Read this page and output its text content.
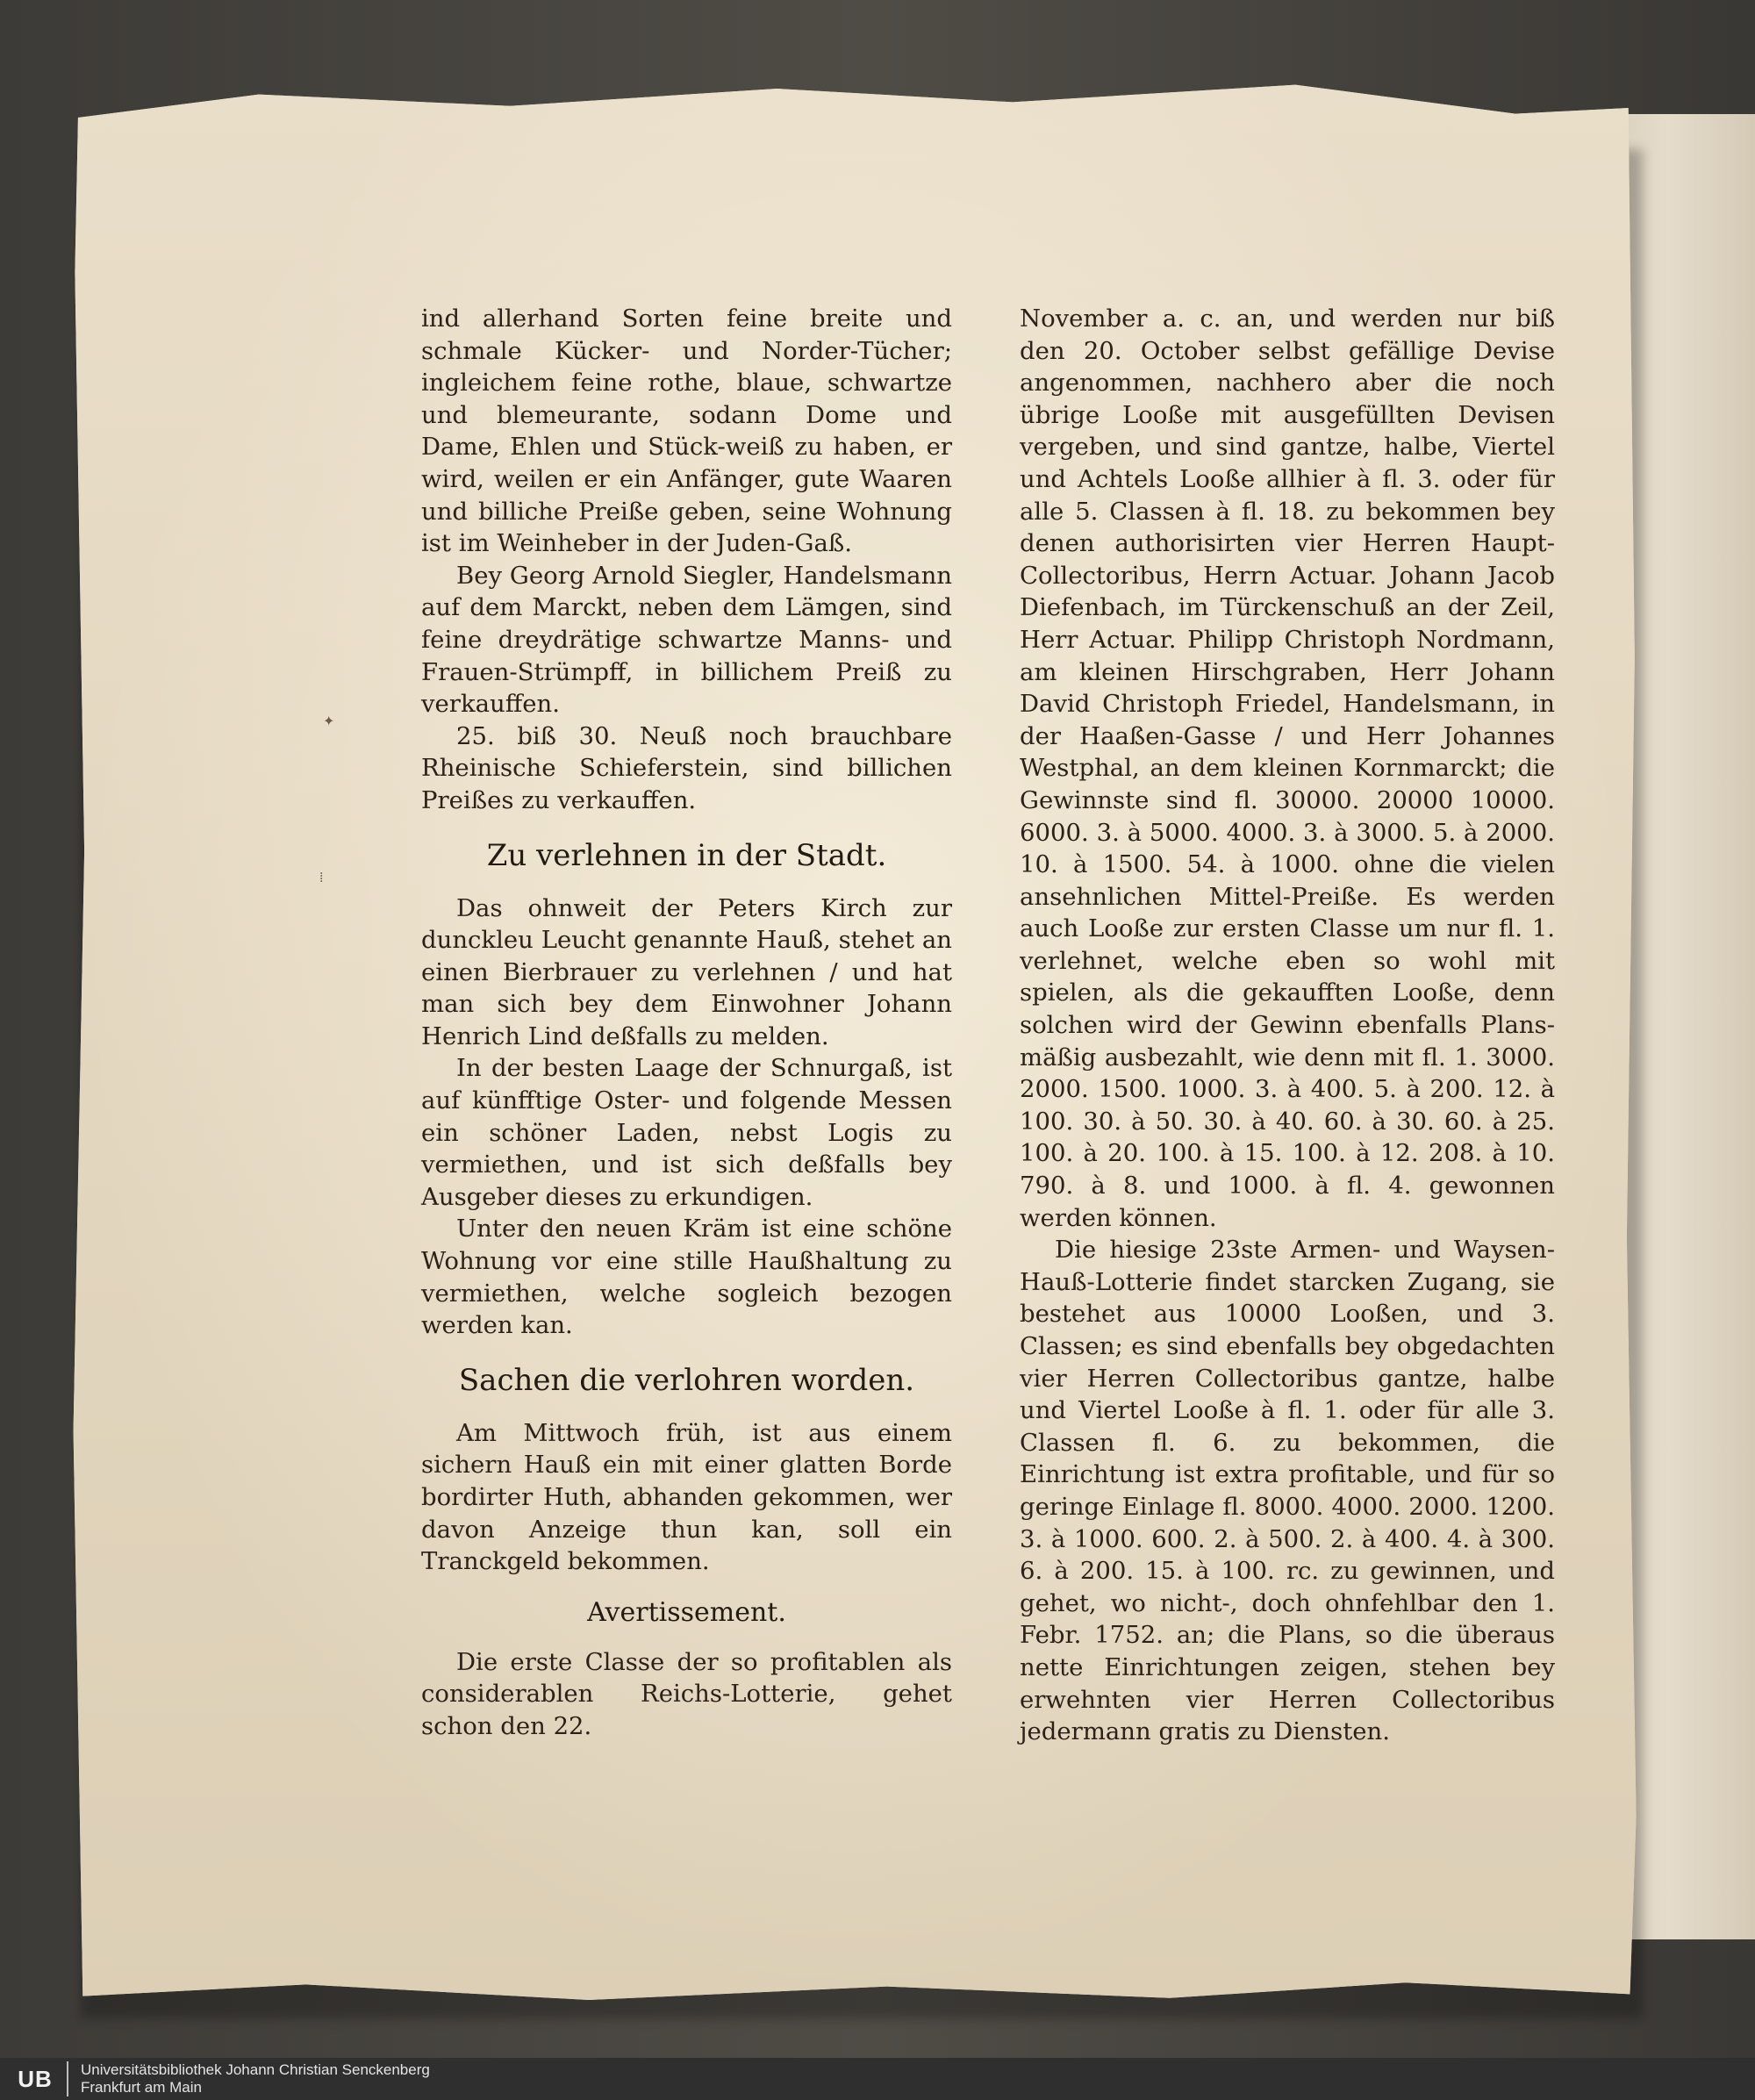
✦
⁞

ind allerhand Sorten feine breite und schmale Kücker- und Norder-Tücher; ingleichem feine rothe, blaue, schwartze und blemeurante, sodann Dome und Dame, Ehlen und Stück-weiß zu haben, er wird, weilen er ein Anfänger, gute Waaren und billiche Preiße geben, seine Wohnung ist im Weinheber in der Juden-Gaß.

Bey Georg Arnold Siegler, Handelsmann auf dem Marckt, neben dem Lämgen, sind feine dreydrätige schwartze Manns- und Frauen-Strümpff, in billichem Preiß zu verkauffen.

25. biß 30. Neuß noch brauchbare Rheinische Schieferstein, sind billichen Preißes zu verkauffen.

Zu verlehnen in der Stadt.

Das ohnweit der Peters Kirch zur dunckleu Leucht genannte Hauß, stehet an einen Bierbrauer zu verlehnen / und hat man sich bey dem Einwohner Johann Henrich Lind deßfalls zu melden.

In der besten Laage der Schnurgaß, ist auf künfftige Oster- und folgende Messen ein schöner Laden, nebst Logis zu vermiethen, und ist sich deßfalls bey Ausgeber dieses zu erkundigen.

Unter den neuen Kräm ist eine schöne Wohnung vor eine stille Haußhaltung zu vermiethen, welche sogleich bezogen werden kan.

Sachen die verlohren worden.

Am Mittwoch früh, ist aus einem sichern Hauß ein mit einer glatten Borde bordirter Huth, abhanden gekommen, wer davon Anzeige thun kan, soll ein Tranckgeld bekommen.

Avertissement.

Die erste Classe der so profitablen als considerablen Reichs-Lotterie, gehet schon den 22.

November a. c. an, und werden nur biß den 20. October selbst gefällige Devise angenommen, nachhero aber die noch übrige Looße mit ausgefüllten Devisen vergeben, und sind gantze, halbe, Viertel und Achtels Looße allhier à fl. 3. oder für alle 5. Classen à fl. 18. zu bekommen bey denen authorisirten vier Herren Haupt-Collectoribus, Herrn Actuar. Johann Jacob Diefenbach, im Türckenschuß an der Zeil, Herr Actuar. Philipp Christoph Nordmann, am kleinen Hirschgraben, Herr Johann David Christoph Friedel, Handelsmann, in der Haaßen-Gasse / und Herr Johannes Westphal, an dem kleinen Kornmarckt; die Gewinnste sind fl. 30000. 20000 10000. 6000. 3. à 5000. 4000. 3. à 3000. 5. à 2000. 10. à 1500. 54. à 1000. ohne die vielen ansehnlichen Mittel-Preiße. Es werden auch Looße zur ersten Classe um nur fl. 1. verlehnet, welche eben so wohl mit spielen, als die gekaufften Looße, denn solchen wird der Gewinn ebenfalls Plans-mäßig ausbezahlt, wie denn mit fl. 1. 3000. 2000. 1500. 1000. 3. à 400. 5. à 200. 12. à 100. 30. à 50. 30. à 40. 60. à 30. 60. à 25. 100. à 20. 100. à 15. 100. à 12. 208. à 10. 790. à 8. und 1000. à fl. 4. gewonnen werden können.

Die hiesige 23ste Armen- und Waysen-Hauß-Lotterie findet starcken Zugang, sie bestehet aus 10000 Looßen, und 3. Classen; es sind ebenfalls bey obgedachten vier Herren Collectoribus gantze, halbe und Viertel Looße à fl. 1. oder für alle 3. Classen fl. 6. zu bekommen, die Einrichtung ist extra profitable, und für so geringe Einlage fl. 8000. 4000. 2000. 1200. 3. à 1000. 600. 2. à 500. 2. à 400. 4. à 300. 6. à 200. 15. à 100. rc. zu gewinnen, und gehet, wo nicht-, doch ohnfehlbar den 1. Febr. 1752. an; die Plans, so die überaus nette Einrichtungen zeigen, stehen bey erwehnten vier Herren Collectoribus jedermann gratis zu Diensten.

UB	Universitätsbibliothek Johann Christian Senckenberg
Frankfurt am Main
